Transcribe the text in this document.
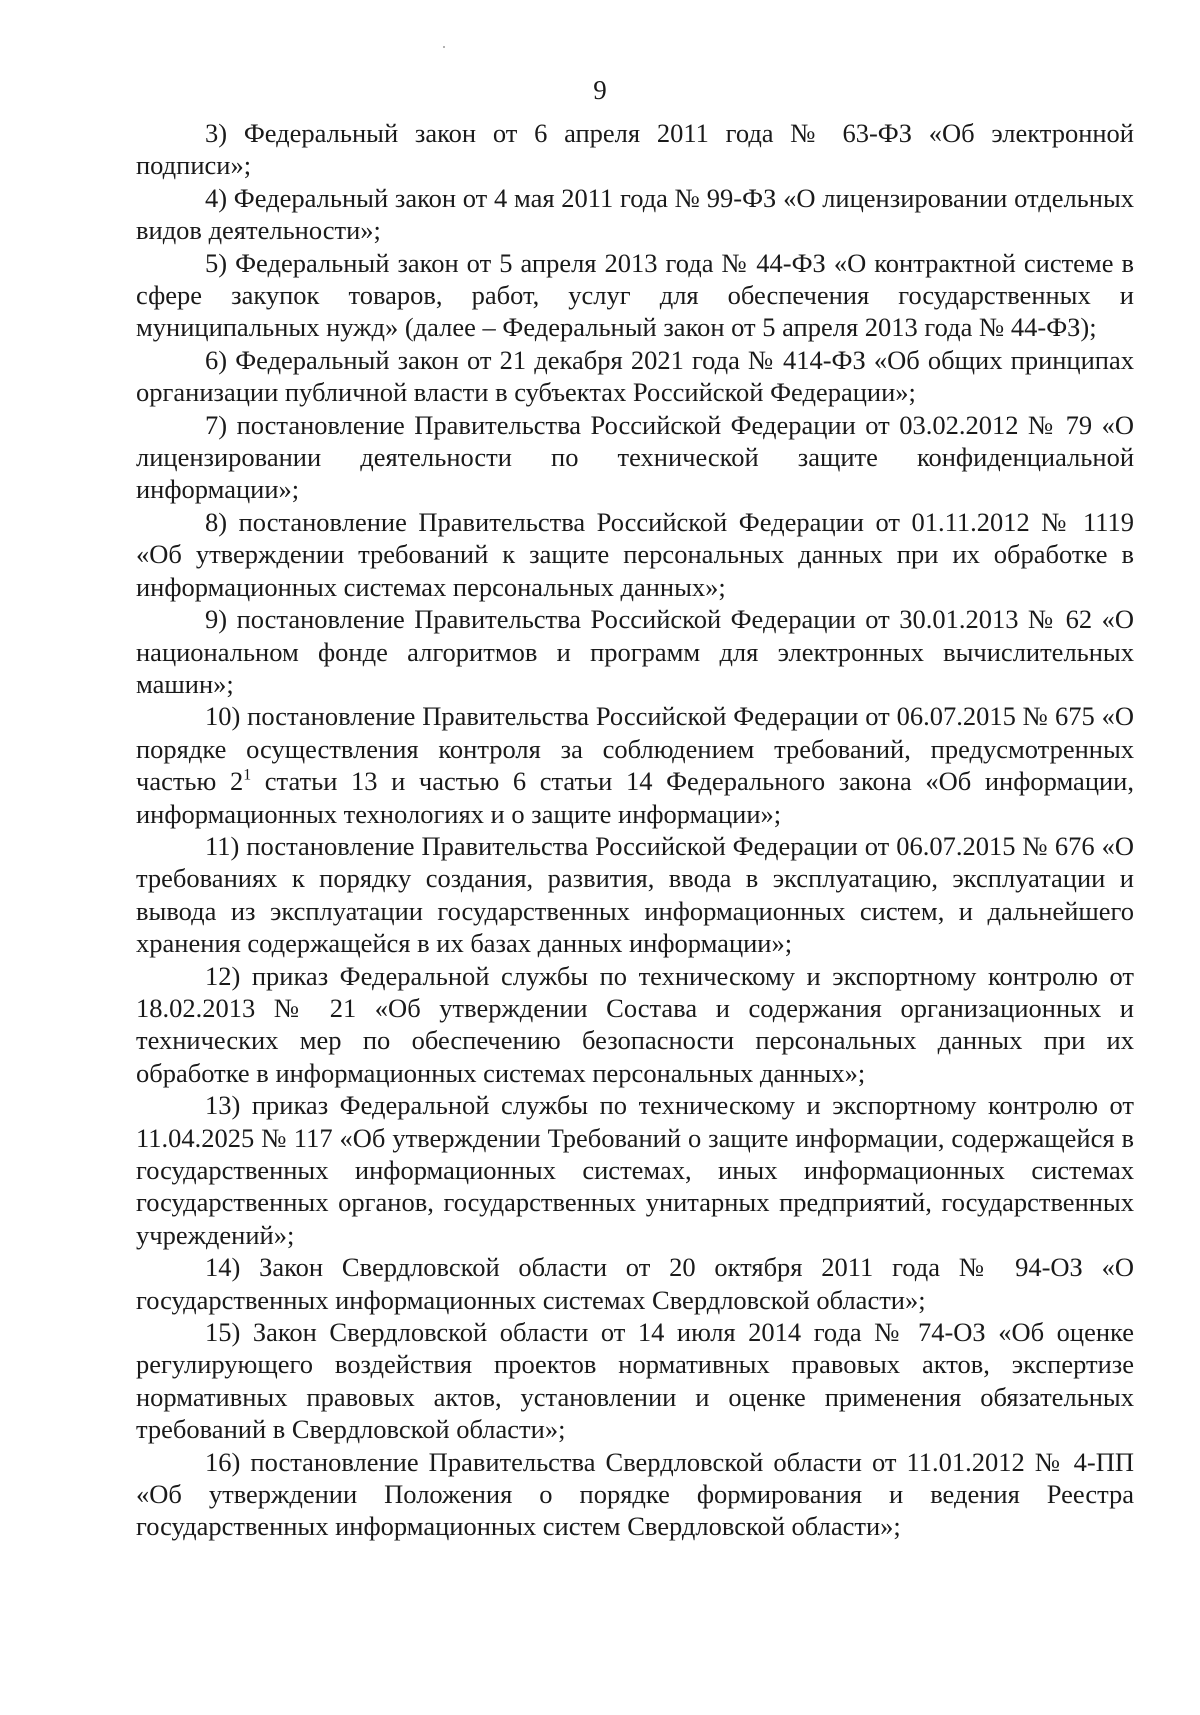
9

3) Федеральный закон от 6 апреля 2011 года № 63-ФЗ «Об электронной подписи»;

4) Федеральный закон от 4 мая 2011 года № 99-ФЗ «О лицензировании отдельных видов деятельности»;

5) Федеральный закон от 5 апреля 2013 года № 44-ФЗ «О контрактной системе в сфере закупок товаров, работ, услуг для обеспечения государственных и муниципальных нужд» (далее – Федеральный закон от 5 апреля 2013 года № 44-ФЗ);

6) Федеральный закон от 21 декабря 2021 года № 414-ФЗ «Об общих принципах организации публичной власти в субъектах Российской Федерации»;

7) постановление Правительства Российской Федерации от 03.02.2012 № 79 «О лицензировании деятельности по технической защите конфиденциальной информации»;

8) постановление Правительства Российской Федерации от 01.11.2012 № 1119 «Об утверждении требований к защите персональных данных при их обработке в информационных системах персональных данных»;

9) постановление Правительства Российской Федерации от 30.01.2013 № 62 «О национальном фонде алгоритмов и программ для электронных вычислительных машин»;

10) постановление Правительства Российской Федерации от 06.07.2015 № 675 «О порядке осуществления контроля за соблюдением требований, предусмотренных частью $2^1$ статьи 13 и частью 6 статьи 14 Федерального закона «Об информации, информационных технологиях и о защите информации»;

11) постановление Правительства Российской Федерации от 06.07.2015 № 676 «О требованиях к порядку создания, развития, ввода в эксплуатацию, эксплуатации и вывода из эксплуатации государственных информационных систем, и дальнейшего хранения содержащейся в их базах данных информации»;

12) приказ Федеральной службы по техническому и экспортному контролю от 18.02.2013 № 21 «Об утверждении Состава и содержания организационных и технических мер по обеспечению безопасности персональных данных при их обработке в информационных системах персональных данных»;

13) приказ Федеральной службы по техническому и экспортному контролю от 11.04.2025 № 117 «Об утверждении Требований о защите информации, содержащейся в государственных информационных системах, иных информационных системах государственных органов, государственных унитарных предприятий, государственных учреждений»;

14) Закон Свердловской области от 20 октября 2011 года № 94-ОЗ «О государственных информационных системах Свердловской области»;

15) Закон Свердловской области от 14 июля 2014 года № 74-ОЗ «Об оценке регулирующего воздействия проектов нормативных правовых актов, экспертизе нормативных правовых актов, установлении и оценке применения обязательных требований в Свердловской области»;

16) постановление Правительства Свердловской области от 11.01.2012 № 4-ПП «Об утверждении Положения о порядке формирования и ведения Реестра государственных информационных систем Свердловской области»;
